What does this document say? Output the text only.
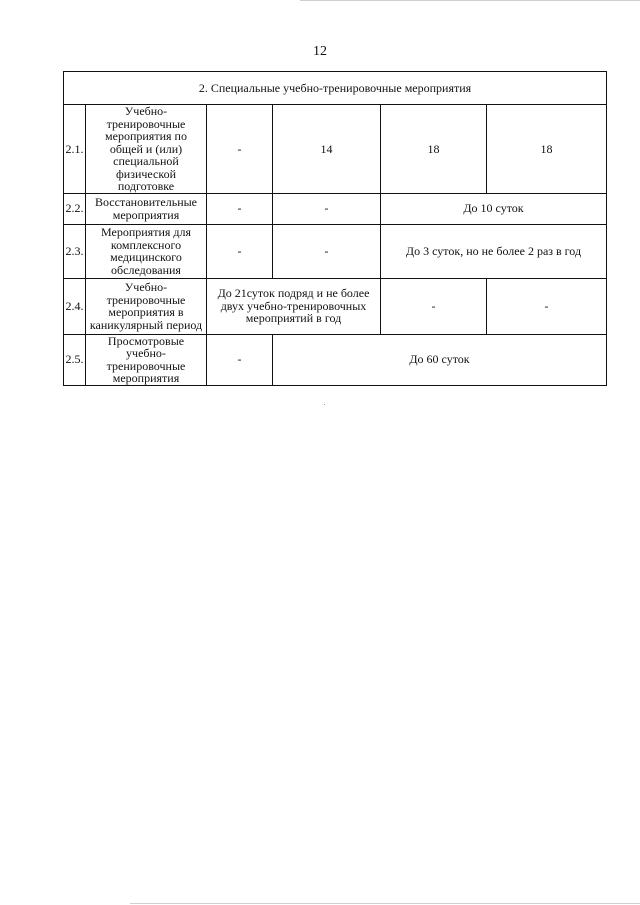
12
2. Специальные учебно-тренировочные мероприятия					
2.1.	Учебно-тренировочные мероприятия по общей и (или) специальной физической подготовке	-	14	18	18
2.2.	Восстановительные мероприятия	-	-	До 10 суток	
2.3.	Мероприятия для комплексного медицинского обследования	-	-	До 3 суток, но не более 2 раз в год	
2.4.	Учебно-тренировочные мероприятия в каникулярный период	До 21суток подряд и не более двух учебно-тренировочных мероприятий в год		-	-
2.5.	Просмотровые учебно-тренировочные мероприятия	-	До 60 суток		
